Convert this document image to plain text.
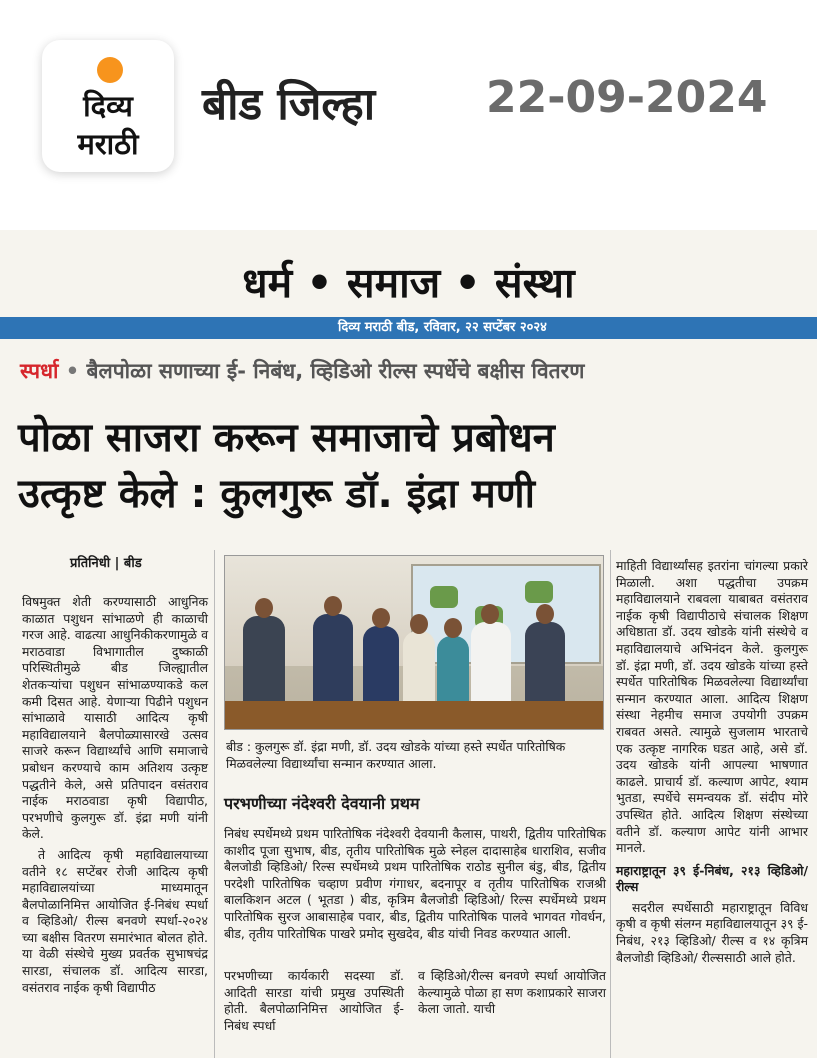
दिव्य
मराठी
बीड जिल्हा	22-09-2024
धर्म • समाज • संस्था
दिव्य मराठी बीड, रविवार, २२ सप्टेंबर २०२४
स्पर्धा • बैलपोळा सणाच्या ई- निबंध, व्हिडिओ रील्स स्पर्धेचे बक्षीस वितरण
पोळा साजरा करून समाजाचे प्रबोधन
उत्कृष्ट केले : कुलगुरू डॉ. इंद्रा मणी
प्रतिनिधी | बीड

विषमुक्त शेती करण्यासाठी आधुनिक काळात पशुधन सांभाळणे ही काळाची गरज आहे. वाढत्या आधुनिकीकरणामुळे व मराठवाडा विभागातील दुष्काळी परिस्थितीमुळे बीड जिल्ह्यातील शेतकऱ्यांचा पशुधन सांभाळण्याकडे कल कमी दिसत आहे. येणाऱ्या पिढीने पशुधन सांभाळावे यासाठी आदित्य कृषी महाविद्यालयाने बैलपोळ्यासारखे उत्सव साजरे करून विद्यार्थ्यांचे आणि समाजाचे प्रबोधन करण्याचे काम अतिशय उत्कृष्ट पद्धतीने केले, असे प्रतिपादन वसंतराव नाईक मराठवाडा कृषी विद्यापीठ, परभणीचे कुलगुरू डॉ. इंद्रा मणी यांनी केले.

ते आदित्य कृषी महाविद्यालयाच्या वतीने १८ सप्टेंबर रोजी आदित्य कृषी महाविद्यालयांच्या माध्यमातून बैलपोळानिमित्त आयोजित ई-निबंध स्पर्धा व व्हिडिओ/ रील्स बनवणे स्पर्धा-२०२४ च्या बक्षीस वितरण समारंभात बोलत होते. या वेळी संस्थेचे मुख्य प्रवर्तक सुभाषचंद्र सारडा, संचालक डॉ. आदित्य सारडा, वसंतराव नाईक कृषी विद्यापीठ

बीड : कुलगुरू डॉ. इंद्रा मणी, डॉ. उदय खोडके यांच्या हस्ते स्पर्धेत पारितोषिक मिळवलेल्या विद्यार्थ्यांचा सन्मान करण्यात आला.
परभणीच्या नंदेश्वरी देवयानी प्रथम

निबंध स्पर्धेमध्ये प्रथम पारितोषिक नंदेश्वरी देवयानी कैलास, पाथरी, द्वितीय पारितोषिक काशीद पूजा सुभाष, बीड, तृतीय पारितोषिक मुळे स्नेहल दादासाहेब धाराशिव, सजीव बैलजोडी व्हिडिओ/ रिल्स स्पर्धेमध्ये प्रथम पारितोषिक राठोड सुनील बंडु, बीड, द्वितीय परदेशी पारितोषिक चव्हाण प्रवीण गंगाधर, बदनापूर व तृतीय पारितोषिक राजश्री बालकिशन अटल ( भूतडा ) बीड, कृत्रिम बैलजोडी व्हिडिओ/ रिल्स स्पर्धेमध्ये प्रथम पारितोषिक सुरज आबासाहेब पवार, बीड, द्वितीय पारितोषिक पालवे भागवत गोवर्धन, बीड, तृतीय पारितोषिक पाखरे प्रमोद सुखदेव, बीड यांची निवड करण्यात आली.

परभणीच्या कार्यकारी सदस्या डॉ. आदिती सारडा यांची प्रमुख उपस्थिती होती. बैलपोळानिमित्त आयोजित ई-निबंध स्पर्धा

व व्हिडिओ/रील्स बनवणे स्पर्धा आयोजित केल्यामुळे पोळा हा सण कशाप्रकारे साजरा केला जातो. याची

माहिती विद्यार्थ्यांसह इतरांना चांगल्या प्रकारे मिळाली. अशा पद्धतीचा उपक्रम महाविद्यालयाने राबवला याबाबत वसंतराव नाईक कृषी विद्यापीठाचे संचालक शिक्षण अधिष्ठाता डॉ. उदय खोडके यांनी संस्थेचे व महाविद्यालयाचे अभिनंदन केले. कुलगुरू डॉ. इंद्रा मणी, डॉ. उदय खोडके यांच्या हस्ते स्पर्धेत पारितोषिक मिळवलेल्या विद्यार्थ्यांचा सन्मान करण्यात आला. आदित्य शिक्षण संस्था नेहमीच समाज उपयोगी उपक्रम राबवत असते. त्यामुळे सुजलाम भारताचे एक उत्कृष्ट नागरिक घडत आहे, असे डॉ. उदय खोडके यांनी आपल्या भाषणात काढले. प्राचार्य डॉ. कल्याण आपेट, श्याम भुतडा, स्पर्धेचे समन्वयक डॉ. संदीप मोरे उपस्थित होते. आदित्य शिक्षण संस्थेच्या वतीने डॉ. कल्याण आपेट यांनी आभार मानले.

महाराष्ट्रातून ३९ ई-निबंध, २१३ व्हिडिओ/ रील्स

सदरील स्पर्धेसाठी महाराष्ट्रातून विविध कृषी व कृषी संलग्न महाविद्यालयातून ३९ ई-निबंध, २१३ व्हिडिओ/ रील्स व १४ कृत्रिम बैलजोडी व्हिडिओ/ रील्ससाठी आले होते.
